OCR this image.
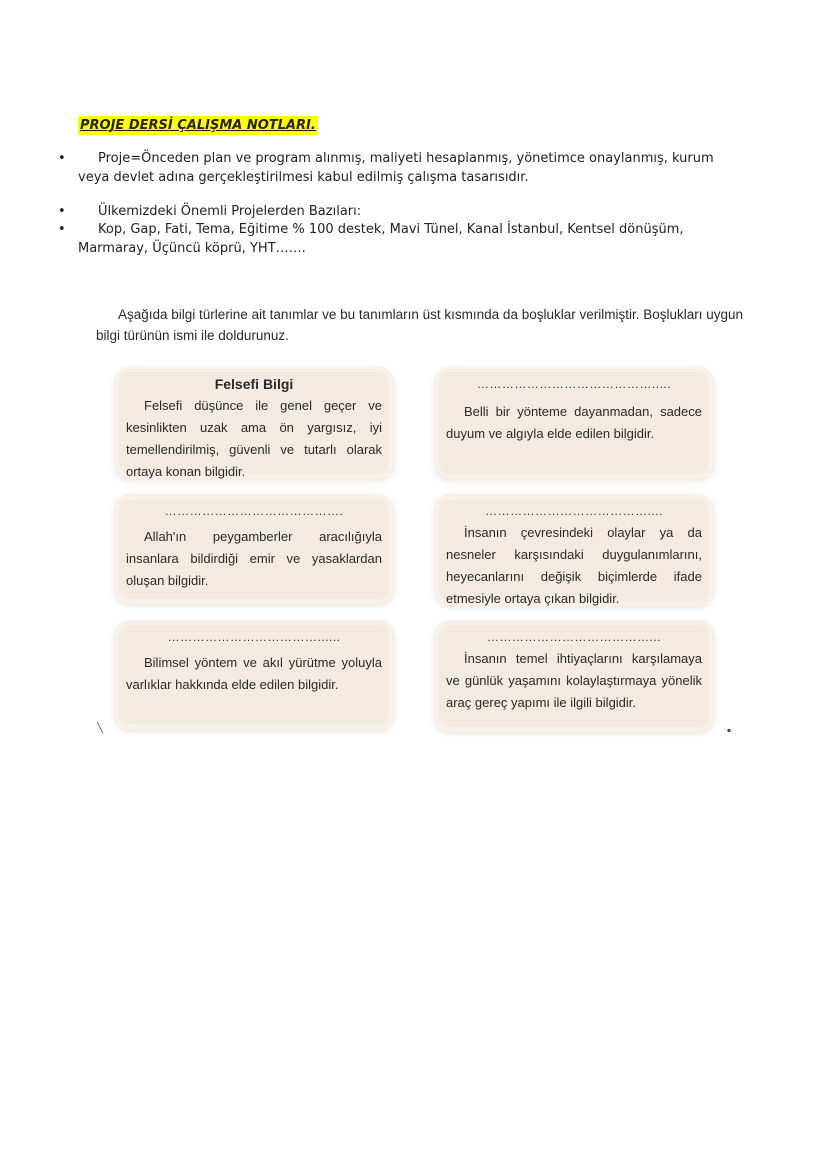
PROJE DERSİ ÇALIŞMA NOTLARI.
• Proje=Önceden plan ve program alınmış, maliyeti hesaplanmış, yönetimce onaylanmış, kurum veya devlet adına gerçekleştirilmesi kabul edilmiş çalışma tasarısıdır.
• Ülkemizdeki Önemli Projelerden Bazıları:
• Kop, Gap, Fati, Tema, Eğitime % 100 destek, Mavi Tünel, Kanal İstanbul, Kentsel dönüşüm, Marmaray, Üçüncü köprü, YHT…….
Aşağıda bilgi türlerine ait tanımlar ve bu tanımların üst kısmında da boşluklar verilmiştir. Boşlukları uygun bilgi türünün ismi ile doldurunuz.
Felsefi Bilgi
Felsefi düşünce ile genel geçer ve kesinlikten uzak ama ön yargısız, iyi temellendirilmiş, güvenli ve tutarlı olarak ortaya konan bilgidir.
…………………………………….....
Belli bir yönteme dayanmadan, sadece duyum ve algıyla elde edilen bilgidir.
…………………………………….
Allah'ın peygamberler aracılığıyla insanlara bildirdiği emir ve yasaklardan oluşan bilgidir.
…………………………………....
İnsanın çevresindeki olaylar ya da nesneler karşısındaki duygulanımlarını, heyecanlarını değişik biçimlerde ifade etmesiyle ortaya çıkan bilgidir.
………………………………......
Bilimsel yöntem ve akıl yürütme yoluyla varlıklar hakkında elde edilen bilgidir.
…………………………………...
İnsanın temel ihtiyaçlarını karşılamaya ve günlük yaşamını kolaylaştırmaya yönelik araç gereç yapımı ile ilgili bilgidir.
╲	▪
